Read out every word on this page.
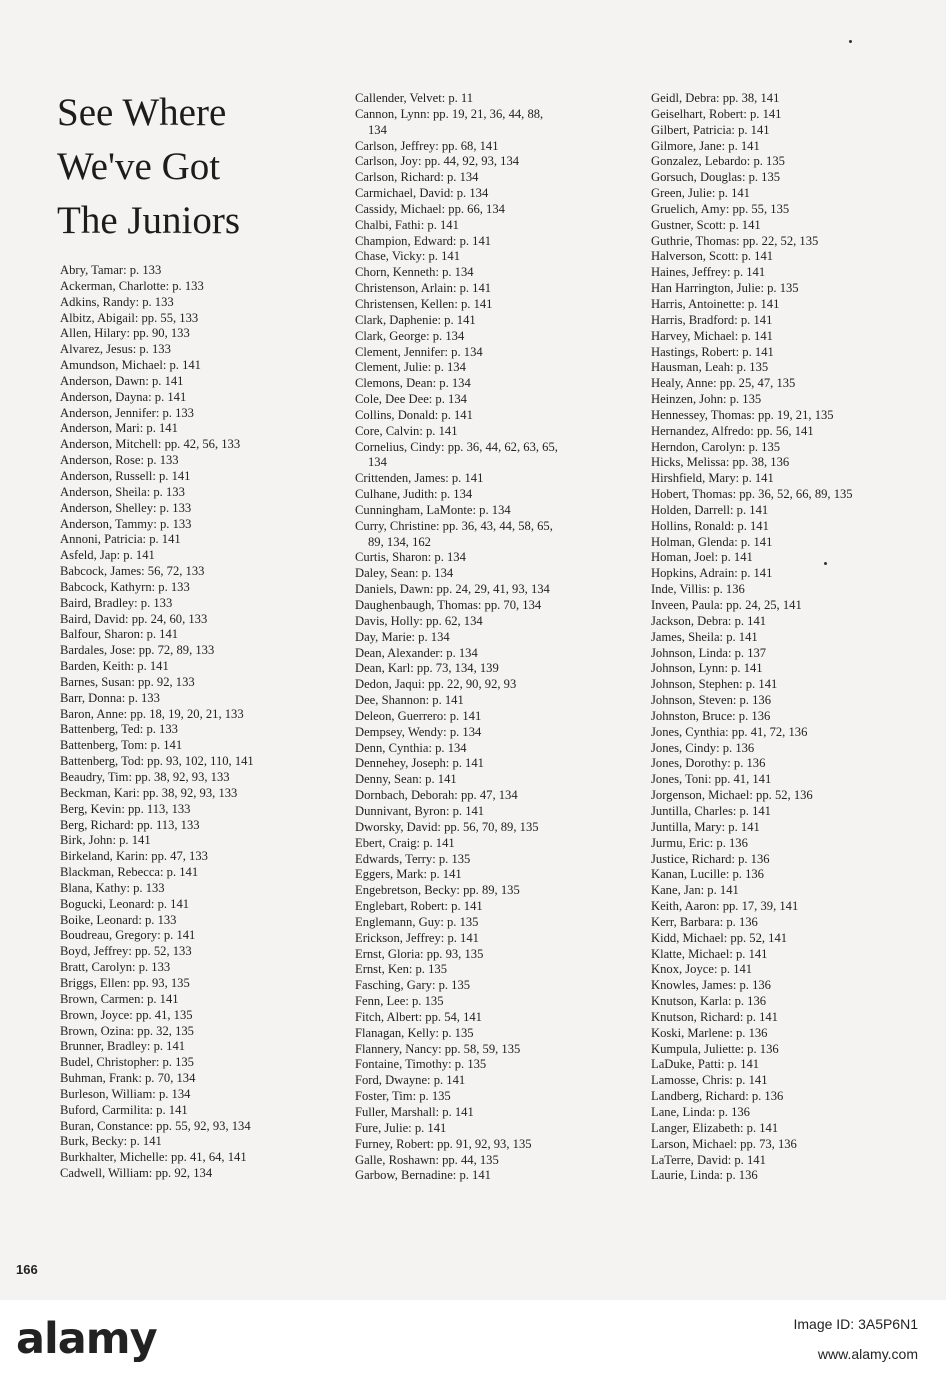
See Where
We've Got
The Juniors
Abry, Tamar: p. 133
Ackerman, Charlotte: p. 133
Adkins, Randy: p. 133
Albitz, Abigail: pp. 55, 133
Allen, Hilary: pp. 90, 133
Alvarez, Jesus: p. 133
Amundson, Michael: p. 141
Anderson, Dawn: p. 141
Anderson, Dayna: p. 141
Anderson, Jennifer: p. 133
Anderson, Mari: p. 141
Anderson, Mitchell: pp. 42, 56, 133
Anderson, Rose: p. 133
Anderson, Russell: p. 141
Anderson, Sheila: p. 133
Anderson, Shelley: p. 133
Anderson, Tammy: p. 133
Annoni, Patricia: p. 141
Asfeld, Jap: p. 141
Babcock, James: 56, 72, 133
Babcock, Kathyrn: p. 133
Baird, Bradley: p. 133
Baird, David: pp. 24, 60, 133
Balfour, Sharon: p. 141
Bardales, Jose: pp. 72, 89, 133
Barden, Keith: p. 141
Barnes, Susan: pp. 92, 133
Barr, Donna: p. 133
Baron, Anne: pp. 18, 19, 20, 21, 133
Battenberg, Ted: p. 133
Battenberg, Tom: p. 141
Battenberg, Tod: pp. 93, 102, 110, 141
Beaudry, Tim: pp. 38, 92, 93, 133
Beckman, Kari: pp. 38, 92, 93, 133
Berg, Kevin: pp. 113, 133
Berg, Richard: pp. 113, 133
Birk, John: p. 141
Birkeland, Karin: pp. 47, 133
Blackman, Rebecca: p. 141
Blana, Kathy: p. 133
Bogucki, Leonard: p. 141
Boike, Leonard: p. 133
Boudreau, Gregory: p. 141
Boyd, Jeffrey: pp. 52, 133
Bratt, Carolyn: p. 133
Briggs, Ellen: pp. 93, 135
Brown, Carmen: p. 141
Brown, Joyce: pp. 41, 135
Brown, Ozina: pp. 32, 135
Brunner, Bradley: p. 141
Budel, Christopher: p. 135
Buhman, Frank: p. 70, 134
Burleson, William: p. 134
Buford, Carmilita: p. 141
Buran, Constance: pp. 55, 92, 93, 134
Burk, Becky: p. 141
Burkhalter, Michelle: pp. 41, 64, 141
Cadwell, William: pp. 92, 134
Callender, Velvet: p. 11
Cannon, Lynn: pp. 19, 21, 36, 44, 88,
134
Carlson, Jeffrey: pp. 68, 141
Carlson, Joy: pp. 44, 92, 93, 134
Carlson, Richard: p. 134
Carmichael, David: p. 134
Cassidy, Michael: pp. 66, 134
Chalbi, Fathi: p. 141
Champion, Edward: p. 141
Chase, Vicky: p. 141
Chorn, Kenneth: p. 134
Christenson, Arlain: p. 141
Christensen, Kellen: p. 141
Clark, Daphenie: p. 141
Clark, George: p. 134
Clement, Jennifer: p. 134
Clement, Julie: p. 134
Clemons, Dean: p. 134
Cole, Dee Dee: p. 134
Collins, Donald: p. 141
Core, Calvin: p. 141
Cornelius, Cindy: pp. 36, 44, 62, 63, 65,
134
Crittenden, James: p. 141
Culhane, Judith: p. 134
Cunningham, LaMonte: p. 134
Curry, Christine: pp. 36, 43, 44, 58, 65,
89, 134, 162
Curtis, Sharon: p. 134
Daley, Sean: p. 134
Daniels, Dawn: pp. 24, 29, 41, 93, 134
Daughenbaugh, Thomas: pp. 70, 134
Davis, Holly: pp. 62, 134
Day, Marie: p. 134
Dean, Alexander: p. 134
Dean, Karl: pp. 73, 134, 139
Dedon, Jaqui: pp. 22, 90, 92, 93
Dee, Shannon: p. 141
Deleon, Guerrero: p. 141
Dempsey, Wendy: p. 134
Denn, Cynthia: p. 134
Dennehey, Joseph: p. 141
Denny, Sean: p. 141
Dornbach, Deborah: pp. 47, 134
Dunnivant, Byron: p. 141
Dworsky, David: pp. 56, 70, 89, 135
Ebert, Craig: p. 141
Edwards, Terry: p. 135
Eggers, Mark: p. 141
Engebretson, Becky: pp. 89, 135
Englebart, Robert: p. 141
Englemann, Guy: p. 135
Erickson, Jeffrey: p. 141
Ernst, Gloria: pp. 93, 135
Ernst, Ken: p. 135
Fasching, Gary: p. 135
Fenn, Lee: p. 135
Fitch, Albert: pp. 54, 141
Flanagan, Kelly: p. 135
Flannery, Nancy: pp. 58, 59, 135
Fontaine, Timothy: p. 135
Ford, Dwayne: p. 141
Foster, Tim: p. 135
Fuller, Marshall: p. 141
Fure, Julie: p. 141
Furney, Robert: pp. 91, 92, 93, 135
Galle, Roshawn: pp. 44, 135
Garbow, Bernadine: p. 141
Geidl, Debra: pp. 38, 141
Geiselhart, Robert: p. 141
Gilbert, Patricia: p. 141
Gilmore, Jane: p. 141
Gonzalez, Lebardo: p. 135
Gorsuch, Douglas: p. 135
Green, Julie: p. 141
Gruelich, Amy: pp. 55, 135
Gustner, Scott: p. 141
Guthrie, Thomas: pp. 22, 52, 135
Halverson, Scott: p. 141
Haines, Jeffrey: p. 141
Han Harrington, Julie: p. 135
Harris, Antoinette: p. 141
Harris, Bradford: p. 141
Harvey, Michael: p. 141
Hastings, Robert: p. 141
Hausman, Leah: p. 135
Healy, Anne: pp. 25, 47, 135
Heinzen, John: p. 135
Hennessey, Thomas: pp. 19, 21, 135
Hernandez, Alfredo: pp. 56, 141
Herndon, Carolyn: p. 135
Hicks, Melissa: pp. 38, 136
Hirshfield, Mary: p. 141
Hobert, Thomas: pp. 36, 52, 66, 89, 135
Holden, Darrell: p. 141
Hollins, Ronald: p. 141
Holman, Glenda: p. 141
Homan, Joel: p. 141
Hopkins, Adrain: p. 141
Inde, Villis: p. 136
Inveen, Paula: pp. 24, 25, 141
Jackson, Debra: p. 141
James, Sheila: p. 141
Johnson, Linda: p. 137
Johnson, Lynn: p. 141
Johnson, Stephen: p. 141
Johnson, Steven: p. 136
Johnston, Bruce: p. 136
Jones, Cynthia: pp. 41, 72, 136
Jones, Cindy: p. 136
Jones, Dorothy: p. 136
Jones, Toni: pp. 41, 141
Jorgenson, Michael: pp. 52, 136
Juntilla, Charles: p. 141
Juntilla, Mary: p. 141
Jurmu, Eric: p. 136
Justice, Richard: p. 136
Kanan, Lucille: p. 136
Kane, Jan: p. 141
Keith, Aaron: pp. 17, 39, 141
Kerr, Barbara: p. 136
Kidd, Michael: pp. 52, 141
Klatte, Michael: p. 141
Knox, Joyce: p. 141
Knowles, James: p. 136
Knutson, Karla: p. 136
Knutson, Richard: p. 141
Koski, Marlene: p. 136
Kumpula, Juliette: p. 136
LaDuke, Patti: p. 141
Lamosse, Chris: p. 141
Landberg, Richard: p. 136
Lane, Linda: p. 136
Langer, Elizabeth: p. 141
Larson, Michael: pp. 73, 136
LaTerre, David: p. 141
Laurie, Linda: p. 136
166
alamy	Image ID: 3A5P6N1
www.alamy.com
